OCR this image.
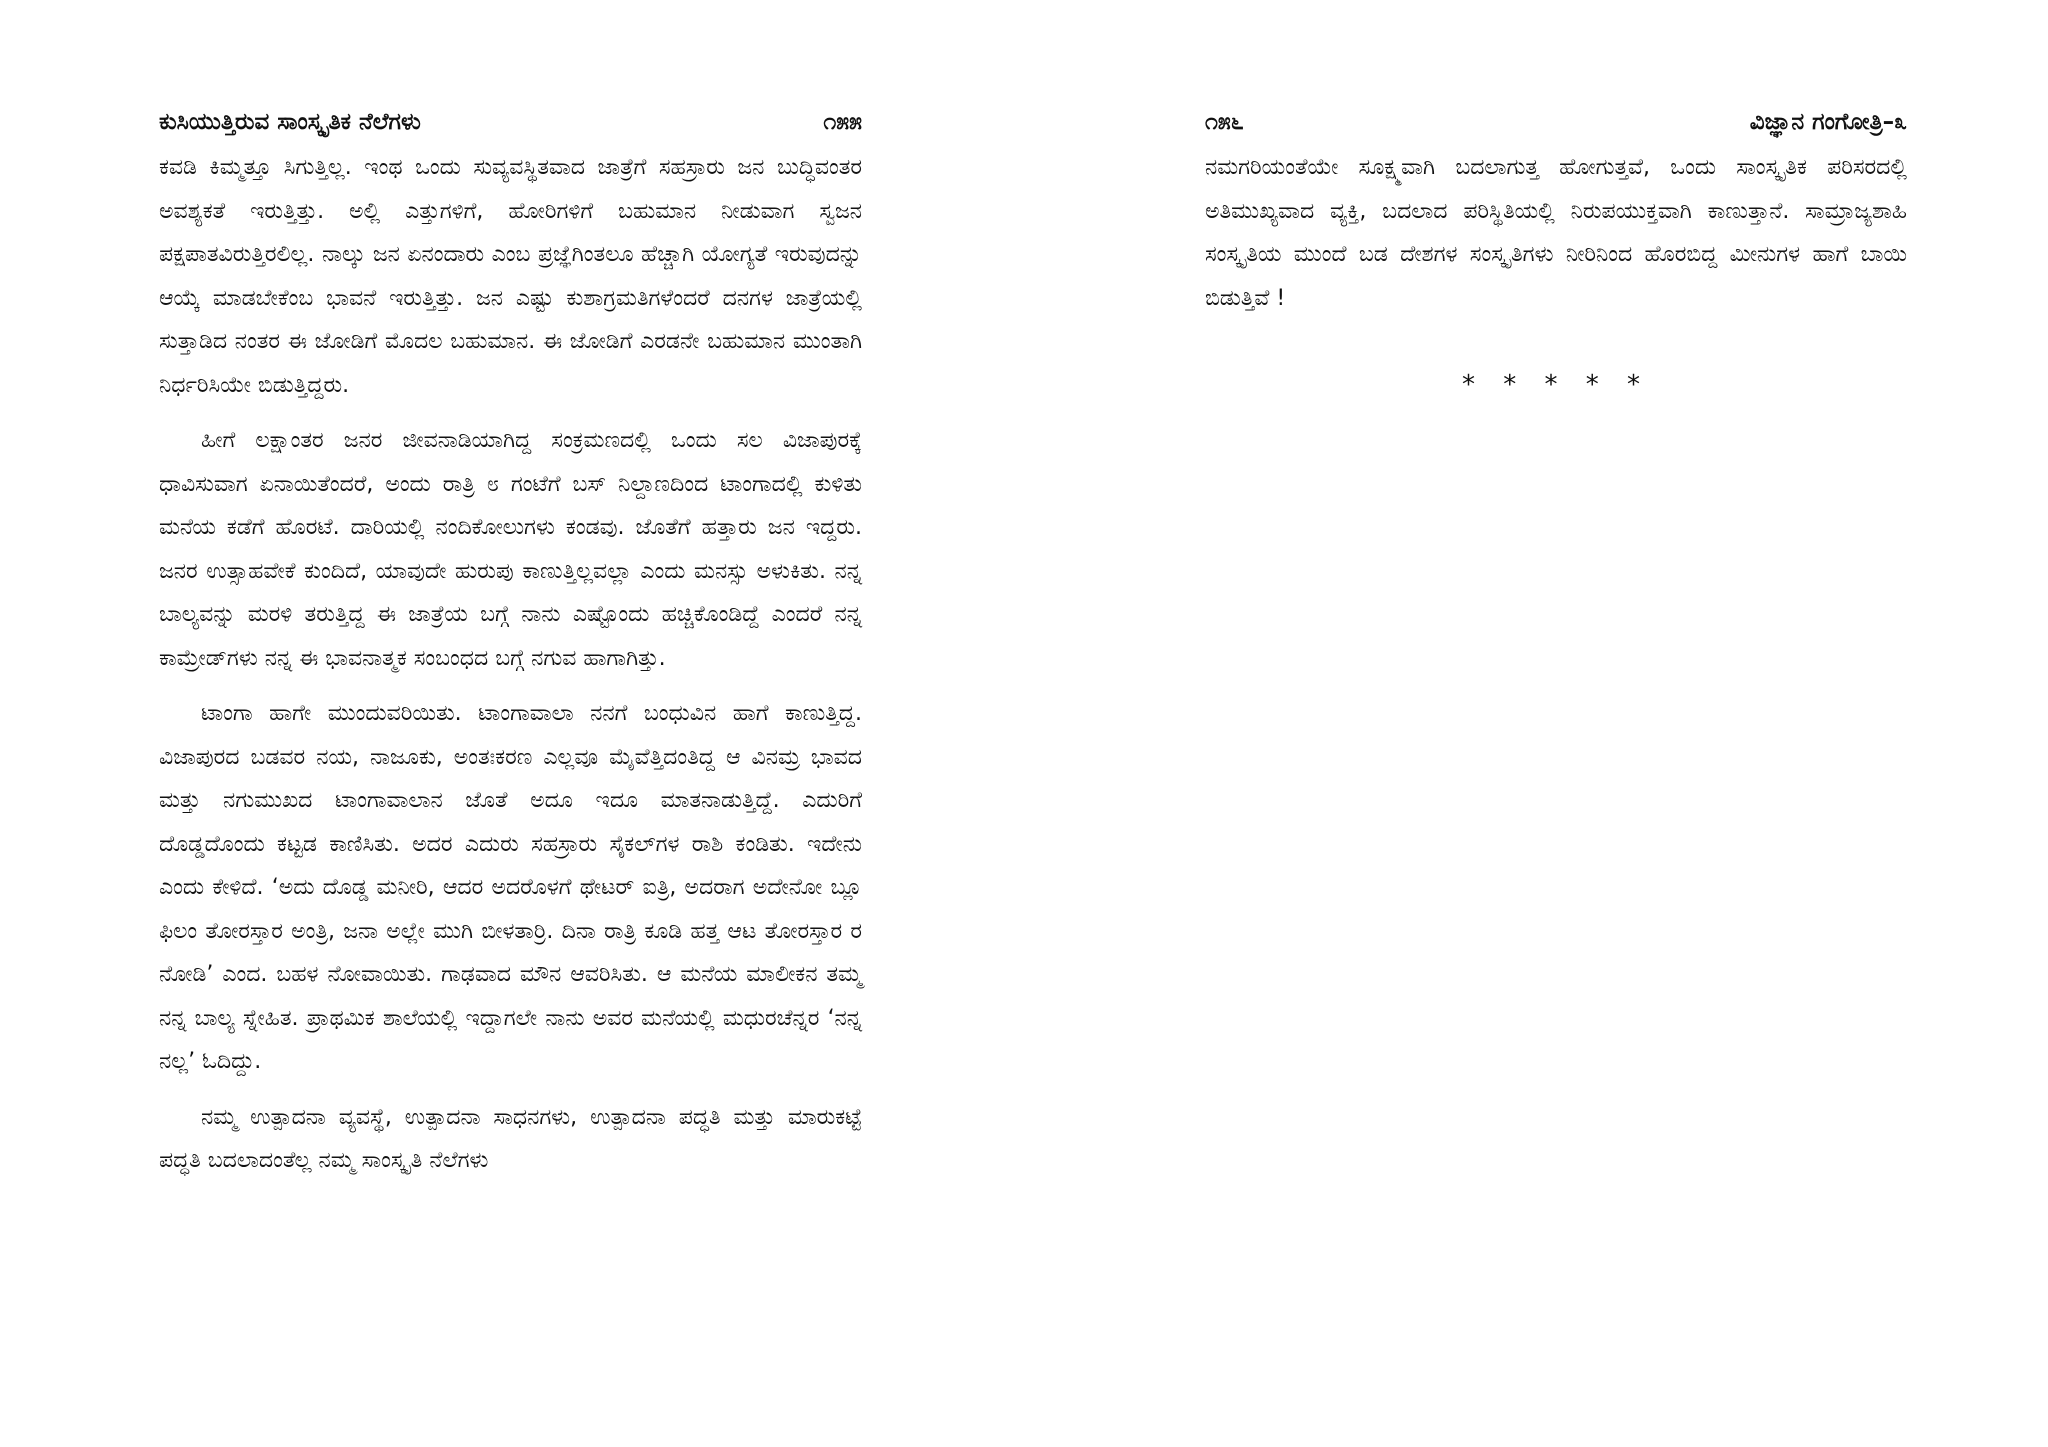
ಕುಸಿಯುತ್ತಿರುವ ಸಾಂಸ್ಕೃತಿಕ ನೆಲೆಗಳು	೧೫೫

ಕವಡಿ ಕಿಮ್ಮತ್ತೂ ಸಿಗುತ್ತಿಲ್ಲ. ಇಂಥ ಒಂದು ಸುವ್ಯವಸ್ಥಿತವಾದ ಜಾತ್ರೆಗೆ ಸಹಸ್ರಾರು ಜನ ಬುದ್ಧಿವಂತರ ಅವಶ್ಯಕತೆ ಇರುತ್ತಿತ್ತು. ಅಲ್ಲಿ ಎತ್ತುಗಳಿಗೆ, ಹೋರಿಗಳಿಗೆ ಬಹುಮಾನ ನೀಡುವಾಗ ಸ್ವಜನ ಪಕ್ಷಪಾತವಿರುತ್ತಿರಲಿಲ್ಲ. ನಾಲ್ಕು ಜನ ಏನಂದಾರು ಎಂಬ ಪ್ರಜ್ಞೆಗಿಂತಲೂ ಹೆಚ್ಚಾಗಿ ಯೋಗ್ಯತೆ ಇರುವುದನ್ನು ಆಯ್ಕೆ ಮಾಡಬೇಕೆಂಬ ಭಾವನೆ ಇರುತ್ತಿತ್ತು. ಜನ ಎಷ್ಟು ಕುಶಾಗ್ರಮತಿಗಳೆಂದರೆ ದನಗಳ ಜಾತ್ರೆಯಲ್ಲಿ ಸುತ್ತಾಡಿದ ನಂತರ ಈ ಜೋಡಿಗೆ ಮೊದಲ ಬಹುಮಾನ. ಈ ಜೋಡಿಗೆ ಎರಡನೇ ಬಹುಮಾನ ಮುಂತಾಗಿ ನಿರ್ಧರಿಸಿಯೇ ಬಿಡುತ್ತಿದ್ದರು.

ಹೀಗೆ ಲಕ್ಷಾಂತರ ಜನರ ಜೀವನಾಡಿಯಾಗಿದ್ದ ಸಂಕ್ರಮಣದಲ್ಲಿ ಒಂದು ಸಲ ವಿಜಾಪುರಕ್ಕೆ ಧಾವಿಸುವಾಗ ಏನಾಯಿತೆಂದರೆ, ಅಂದು ರಾತ್ರಿ ೮ ಗಂಟೆಗೆ ಬಸ್ ನಿಲ್ದಾಣದಿಂದ ಟಾಂಗಾದಲ್ಲಿ ಕುಳಿತು ಮನೆಯ ಕಡೆಗೆ ಹೊರಟೆ. ದಾರಿಯಲ್ಲಿ ನಂದಿಕೋಲುಗಳು ಕಂಡವು. ಜೊತೆಗೆ ಹತ್ತಾರು ಜನ ಇದ್ದರು. ಜನರ ಉತ್ಸಾಹವೇಕೆ ಕುಂದಿದೆ, ಯಾವುದೇ ಹುರುಪು ಕಾಣುತ್ತಿಲ್ಲವಲ್ಲಾ ಎಂದು ಮನಸ್ಸು ಅಳುಕಿತು. ನನ್ನ ಬಾಲ್ಯವನ್ನು ಮರಳಿ ತರುತ್ತಿದ್ದ ಈ ಜಾತ್ರೆಯ ಬಗ್ಗೆ ನಾನು ಎಷ್ಟೊಂದು ಹಚ್ಚಿಕೊಂಡಿದ್ದೆ ಎಂದರೆ ನನ್ನ ಕಾಮ್ರೇಡ್‌ಗಳು ನನ್ನ ಈ ಭಾವನಾತ್ಮಕ ಸಂಬಂಧದ ಬಗ್ಗೆ ನಗುವ ಹಾಗಾಗಿತ್ತು.

ಟಾಂಗಾ ಹಾಗೇ ಮುಂದುವರಿಯಿತು. ಟಾಂಗಾವಾಲಾ ನನಗೆ ಬಂಧುವಿನ ಹಾಗೆ ಕಾಣುತ್ತಿದ್ದ. ವಿಜಾಪುರದ ಬಡವರ ನಯ, ನಾಜೂಕು, ಅಂತಃಕರಣ ಎಲ್ಲವೂ ಮೈವೆತ್ತಿದಂತಿದ್ದ ಆ ವಿನಮ್ರ ಭಾವದ ಮತ್ತು ನಗುಮುಖದ ಟಾಂಗಾವಾಲಾನ ಜೊತೆ ಅದೂ ಇದೂ ಮಾತನಾಡುತ್ತಿದ್ದೆ. ಎದುರಿಗೆ ದೊಡ್ಡದೊಂದು ಕಟ್ಟಡ ಕಾಣಿಸಿತು. ಅದರ ಎದುರು ಸಹಸ್ರಾರು ಸೈಕಲ್‌ಗಳ ರಾಶಿ ಕಂಡಿತು. ಇದೇನು ಎಂದು ಕೇಳಿದೆ. ‘ಅದು ದೊಡ್ಡ ಮನೀರಿ, ಆದರ ಅದರೊಳಗೆ ಥೇಟರ್ ಐತ್ರಿ, ಅದರಾಗ ಅದೇನೋ ಬ್ಲೂ ಫಿಲಂ ತೋರಸ್ತಾರ ಅಂತ್ರಿ, ಜನಾ ಅಲ್ಲೇ ಮುಗಿ ಬೀಳತಾರ್ರಿ. ದಿನಾ ರಾತ್ರಿ ಕೂಡಿ ಹತ್ತ ಆಟ ತೋರಸ್ತಾರ ರ ನೋಡಿ’ ಎಂದ. ಬಹಳ ನೋವಾಯಿತು. ಗಾಢವಾದ ಮೌನ ಆವರಿಸಿತು. ಆ ಮನೆಯ ಮಾಲೀಕನ ತಮ್ಮ ನನ್ನ ಬಾಲ್ಯ ಸ್ನೇಹಿತ. ಪ್ರಾಥಮಿಕ ಶಾಲೆಯಲ್ಲಿ ಇದ್ದಾಗಲೇ ನಾನು ಅವರ ಮನೆಯಲ್ಲಿ ಮಧುರಚೆನ್ನರ ‘ನನ್ನ ನಲ್ಲ’ ಓದಿದ್ದು.

ನಮ್ಮ ಉತ್ಪಾದನಾ ವ್ಯವಸ್ಥೆ, ಉತ್ಪಾದನಾ ಸಾಧನಗಳು, ಉತ್ಪಾದನಾ ಪದ್ಧತಿ ಮತ್ತು ಮಾರುಕಟ್ಟೆ ಪದ್ಧತಿ ಬದಲಾದಂತೆಲ್ಲ ನಮ್ಮ ಸಾಂಸ್ಕೃತಿ ನೆಲೆಗಳು

೧೫೬	ವಿಜ್ಞಾನ ಗಂಗೋತ್ರಿ–೩

ನಮಗರಿಯಂತೆಯೇ ಸೂಕ್ಷ್ಮವಾಗಿ ಬದಲಾಗುತ್ತ ಹೋಗುತ್ತವೆ, ಒಂದು ಸಾಂಸ್ಕೃತಿಕ ಪರಿಸರದಲ್ಲಿ ಅತಿಮುಖ್ಯವಾದ ವ್ಯಕ್ತಿ, ಬದಲಾದ ಪರಿಸ್ಥಿತಿಯಲ್ಲಿ ನಿರುಪಯುಕ್ತವಾಗಿ ಕಾಣುತ್ತಾನೆ. ಸಾಮ್ರಾಜ್ಯಶಾಹಿ ಸಂಸ್ಕೃತಿಯ ಮುಂದೆ ಬಡ ದೇಶಗಳ ಸಂಸ್ಕೃತಿಗಳು ನೀರಿನಿಂದ ಹೊರಬಿದ್ದ ಮೀನುಗಳ ಹಾಗೆ ಬಾಯಿ ಬಿಡುತ್ತಿವೆ !

* * * * *
